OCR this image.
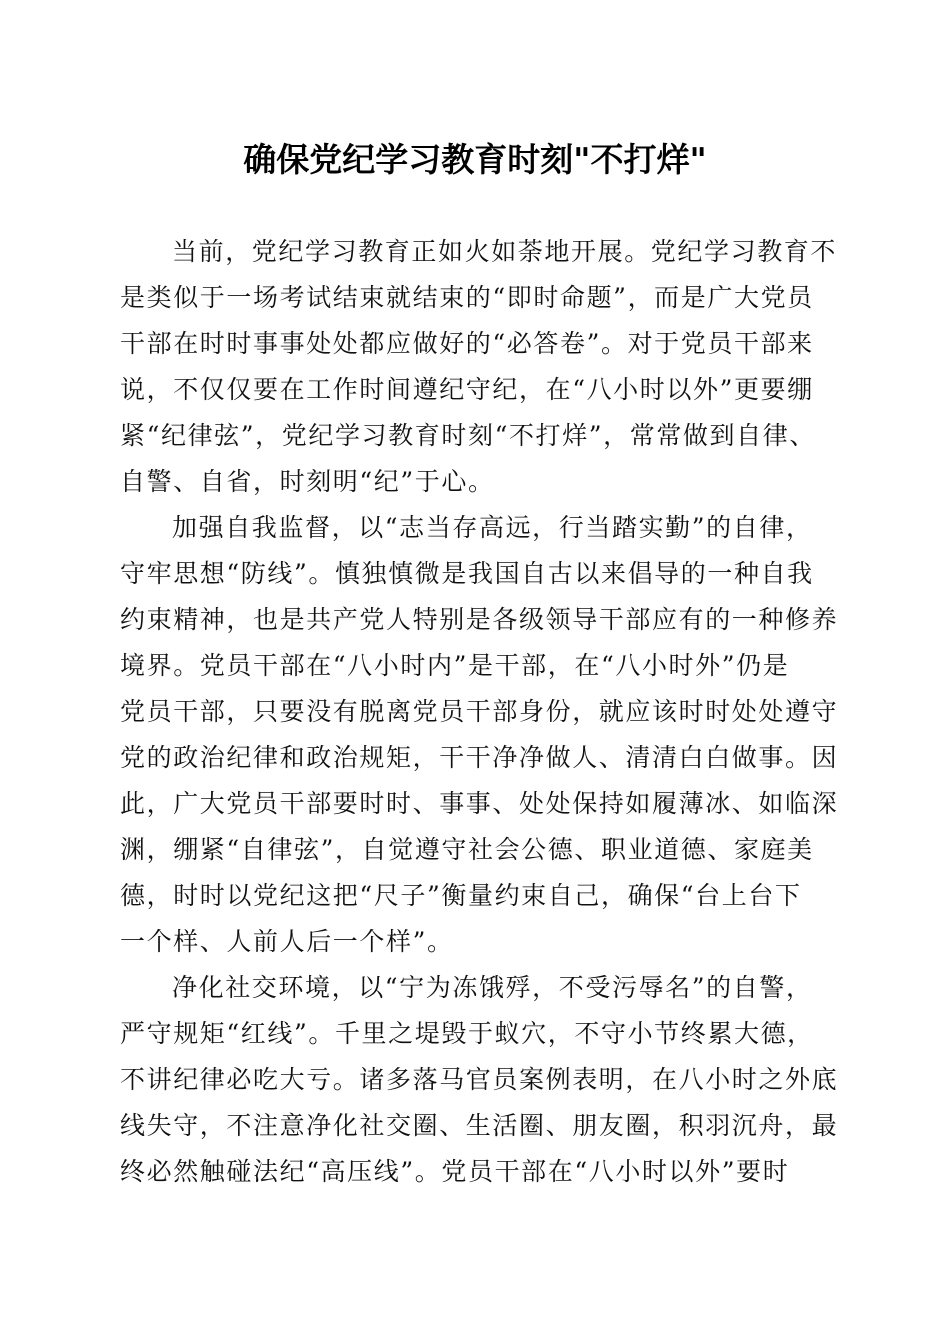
确保党纪学习教育时刻"不打烊"
当前，党纪学习教育正如火如荼地开展。党纪学习教育不
是类似于一场考试结束就结束的“即时命题”，而是广大党员
干部在时时事事处处都应做好的“必答卷”。对于党员干部来
说，不仅仅要在工作时间遵纪守纪，在“八小时以外”更要绷
紧“纪律弦”，党纪学习教育时刻“不打烊”，常常做到自律、
自警、自省，时刻明“纪”于心。
加强自我监督，以“志当存高远，行当踏实勤”的自律，
守牢思想“防线”。慎独慎微是我国自古以来倡导的一种自我
约束精神，也是共产党人特别是各级领导干部应有的一种修养
境界。党员干部在“八小时内”是干部，在“八小时外”仍是
党员干部，只要没有脱离党员干部身份，就应该时时处处遵守
党的政治纪律和政治规矩，干干净净做人、清清白白做事。因
此，广大党员干部要时时、事事、处处保持如履薄冰、如临深
渊，绷紧“自律弦”，自觉遵守社会公德、职业道德、家庭美
德，时时以党纪这把“尺子”衡量约束自己，确保“台上台下
一个样、人前人后一个样”。
净化社交环境，以“宁为冻饿殍，不受污辱名”的自警，
严守规矩“红线”。千里之堤毁于蚁穴，不守小节终累大德，
不讲纪律必吃大亏。诸多落马官员案例表明，在八小时之外底
线失守，不注意净化社交圈、生活圈、朋友圈，积羽沉舟，最
终必然触碰法纪“高压线”。党员干部在“八小时以外”要时
